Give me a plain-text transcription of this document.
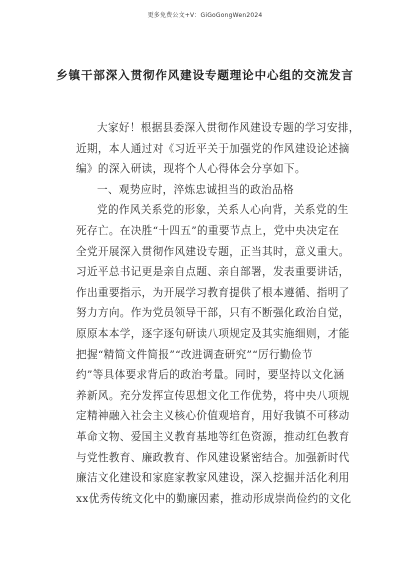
更多免费公文+V：GiGoGongWen2024
乡镇干部深入贯彻作风建设专题理论中心组的交流发言
大家好！根据县委深入贯彻作风建设专题的学习安排，
近期，本人通过对《习近平关于加强党的作风建设论述摘
编》的深入研读，现将个人心得体会分享如下。
一、观势应时，淬炼忠诚担当的政治品格
党的作风关系党的形象，关系人心向背，关系党的生
死存亡。在决胜“十四五”的重要节点上，党中央决定在
全党开展深入贯彻作风建设专题，正当其时，意义重大。
习近平总书记更是亲自点题、亲自部署，发表重要讲话，
作出重要指示，为开展学习教育提供了根本遵循、指明了
努力方向。作为党员领导干部，只有不断强化政治自觉，
原原本本学，逐字逐句研读八项规定及其实施细则，才能
把握“精简文件简报”“改进调查研究”“厉行勤俭节
约”等具体要求背后的政治考量。同时，要坚持以文化涵
养新风。充分发挥宣传思想文化工作优势，将中央八项规
定精神融入社会主义核心价值观培育，用好我镇不可移动
革命文物、爱国主义教育基地等红色资源，推动红色教育
与党性教育、廉政教育、作风建设紧密结合。加强新时代
廉洁文化建设和家庭家教家风建设，深入挖掘并活化利用
xx优秀传统文化中的勤廉因素，推动形成崇尚俭约的文化
